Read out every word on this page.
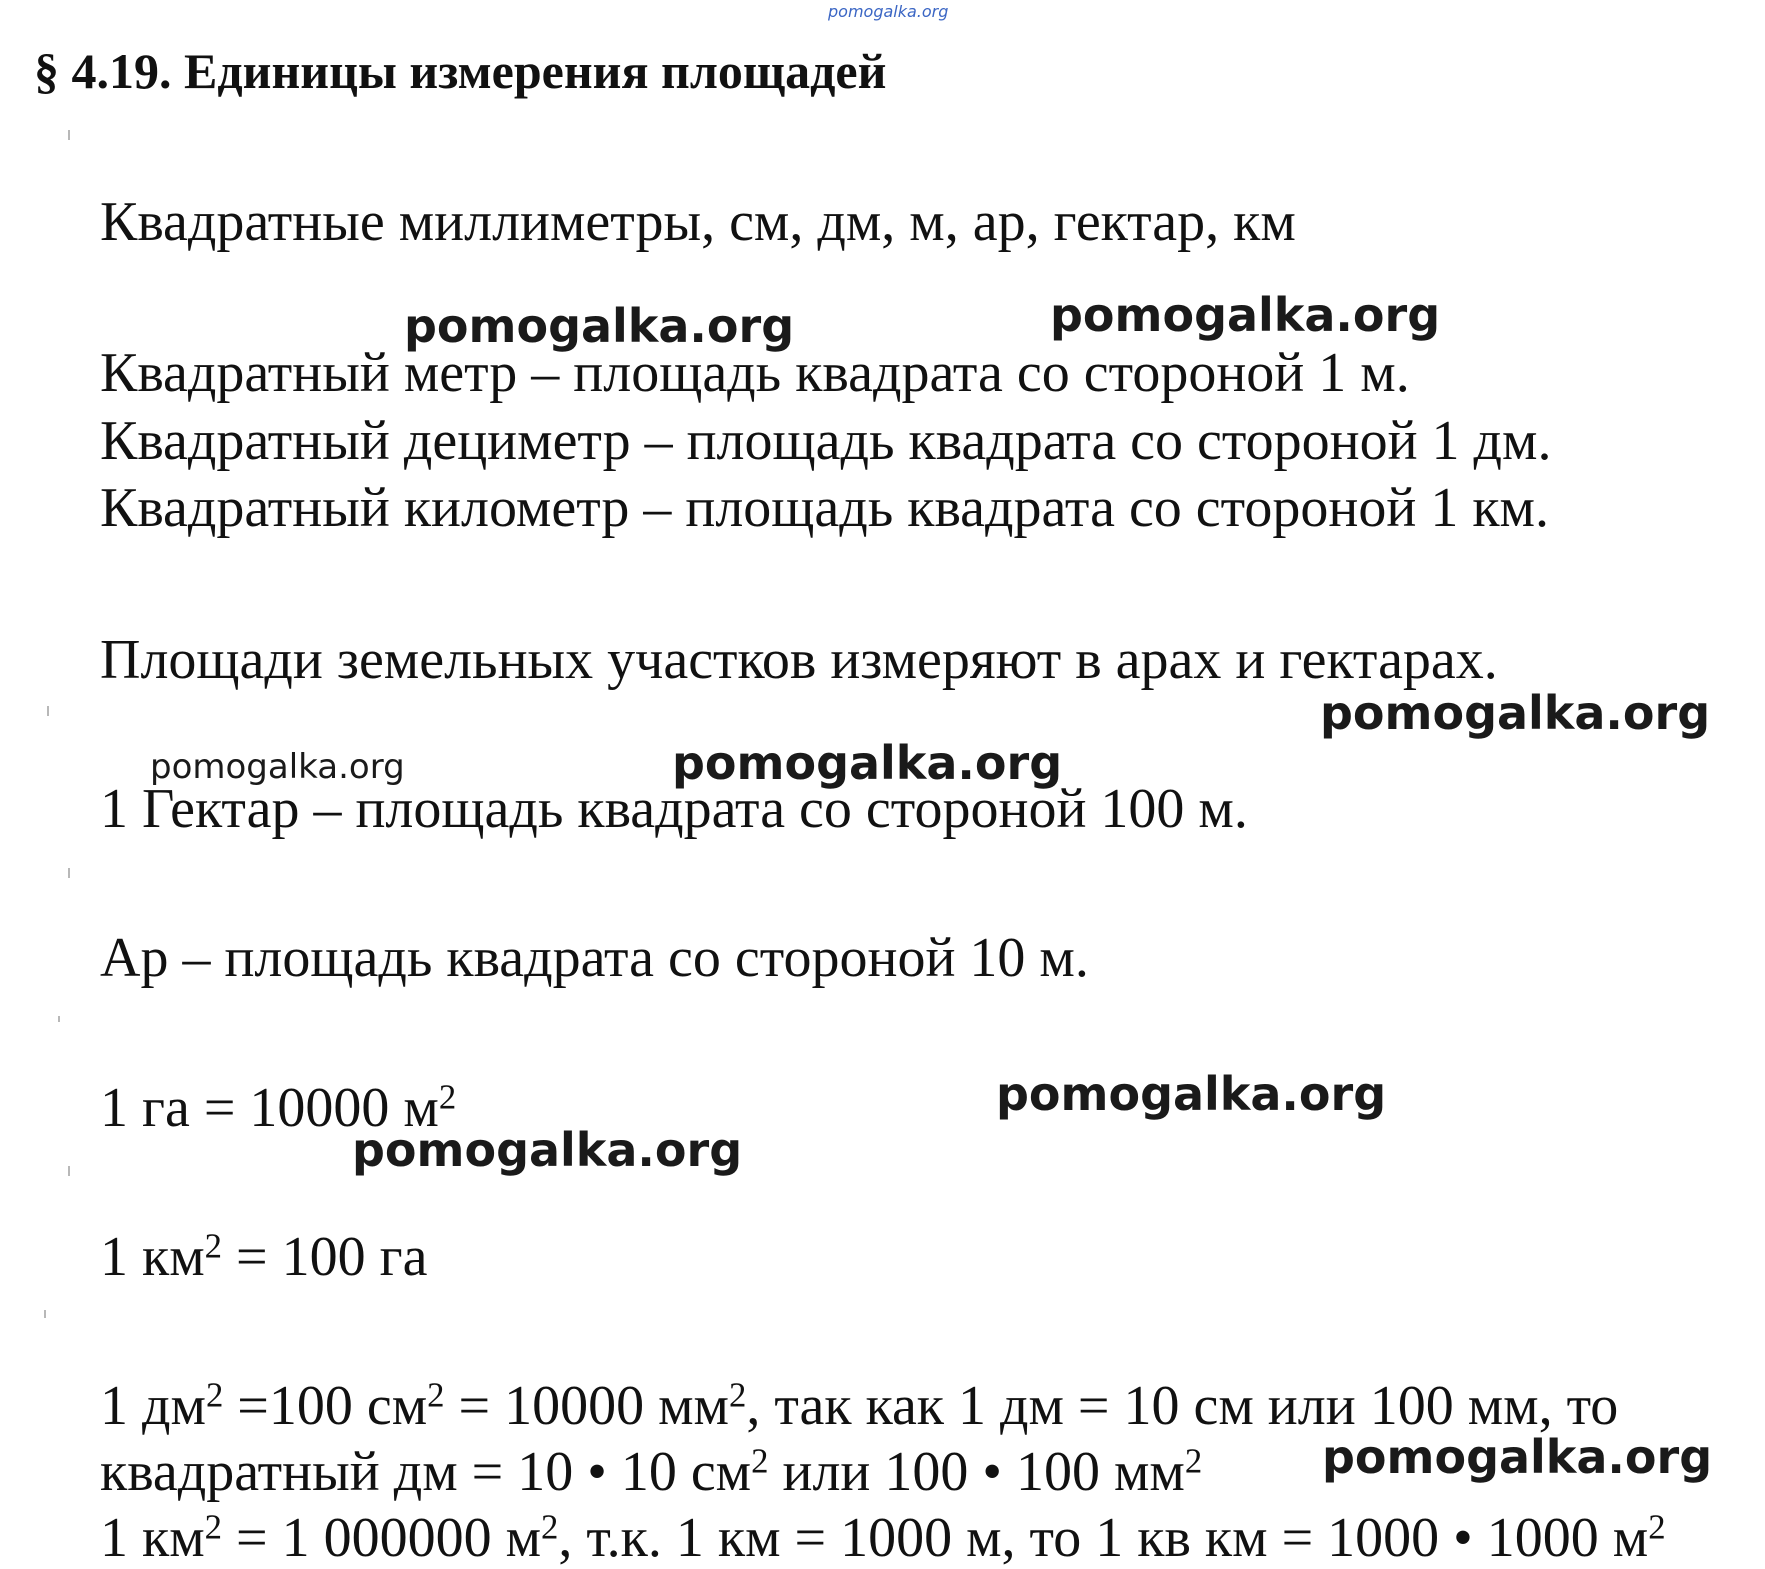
pomogalka.org
§ 4.19. Единицы измерения площадей
Квадратные миллиметры, см, дм, м, ар, гектар, км
Квадратный метр – площадь квадрата со стороной 1 м.
Квадратный дециметр – площадь квадрата со стороной 1 дм.
Квадратный километр – площадь квадрата со стороной 1 км.
Площади земельных участков измеряют в арах и гектарах.
1 Гектар – площадь квадрата со стороной 100 м.
Ар – площадь квадрата со стороной 10 м.
1 га = 10000 $м^2$
1 $км^2 = 100$ га
1 $дм^2 =100$ $см^2 = 10000$ $мм^2$, так как 1 дм = 10 см или 100 мм, то
квадратный дм = 10 • 10 $см^2$ или 100 • 100 $мм^2$
1 $км^2 = 1$ 000000 $м^2$, т.к. 1 км = 1000 м, то 1 кв км = 1000 • 1000 $м^2$
pomogalka.org	pomogalka.org
pomogalka.org
pomogalka.org	pomogalka.org
pomogalka.org
pomogalka.org
pomogalka.org
